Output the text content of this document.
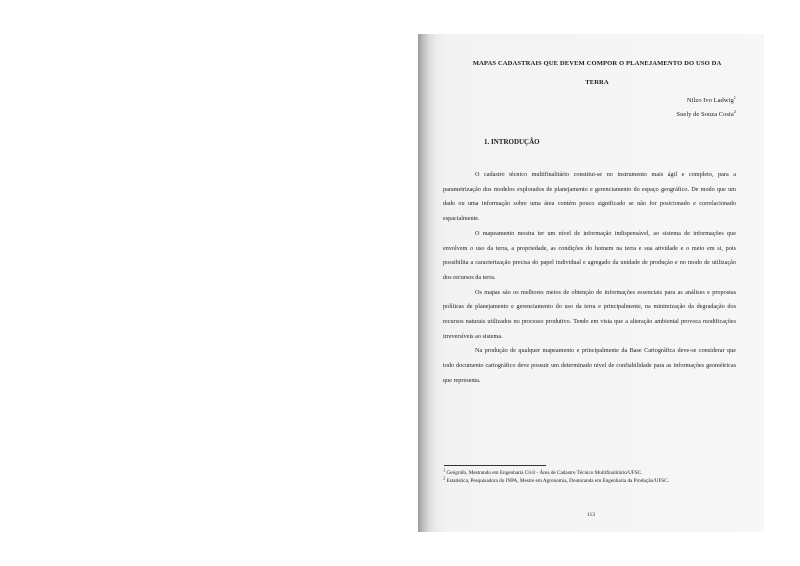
MAPAS CADASTRAIS QUE DEVEM COMPOR O PLANEJAMENTO DO USO DA
TERRA
Nilzo Ivo Ladwig$^1$
Suely de Souza Costa$^2$
1. INTRODUÇÃO

O cadastro técnico multifinalitário constitui-se no instrumento mais ágil e completo, para a parametrização dos modelos explorados de planejamento e gerenciamento do espaço geográfico. De modo que um dado ou uma informação sobre uma área contém pouco significado se não for posicionado e correlacionado espacialmente.

O mapeamento mostra ter um nível de informação indispensável, ao sistema de informações que envolvem o uso da terra, a propriedade, as condições do homem na terra e sua atividade e o meio em si, pois possibilita a caracterização precisa do papel individual e agregado da unidade de produção e no modo de utilização dos recursos da terra.

Os mapas são os melhores meios de obtenção de informações essenciais para as análises e propostas políticas de planejamento e gerenciamento do uso da terra e principalmente, na minimização da degradação dos recursos naturais utilizados no processo produtivo. Tendo em vista que a alteração ambiental provoca modificações irreversíveis ao sistema.

Na produção de qualquer mapeamento e principalmente da Base Cartográfica deve-se considerar que todo documento cartográfico deve possuir um determinado nível de confiabilidade para as informações geométricas que representa.

$^1$ Geógrafo, Mestrando em Engenharia Civil - Área de Cadastro Técnico Multifinalitário/UFSC.

$^2$ Estatística, Pesquisadora do INPA, Mestre em Agronomia, Doutoranda em Engenharia da Produção/UFSC.

113
